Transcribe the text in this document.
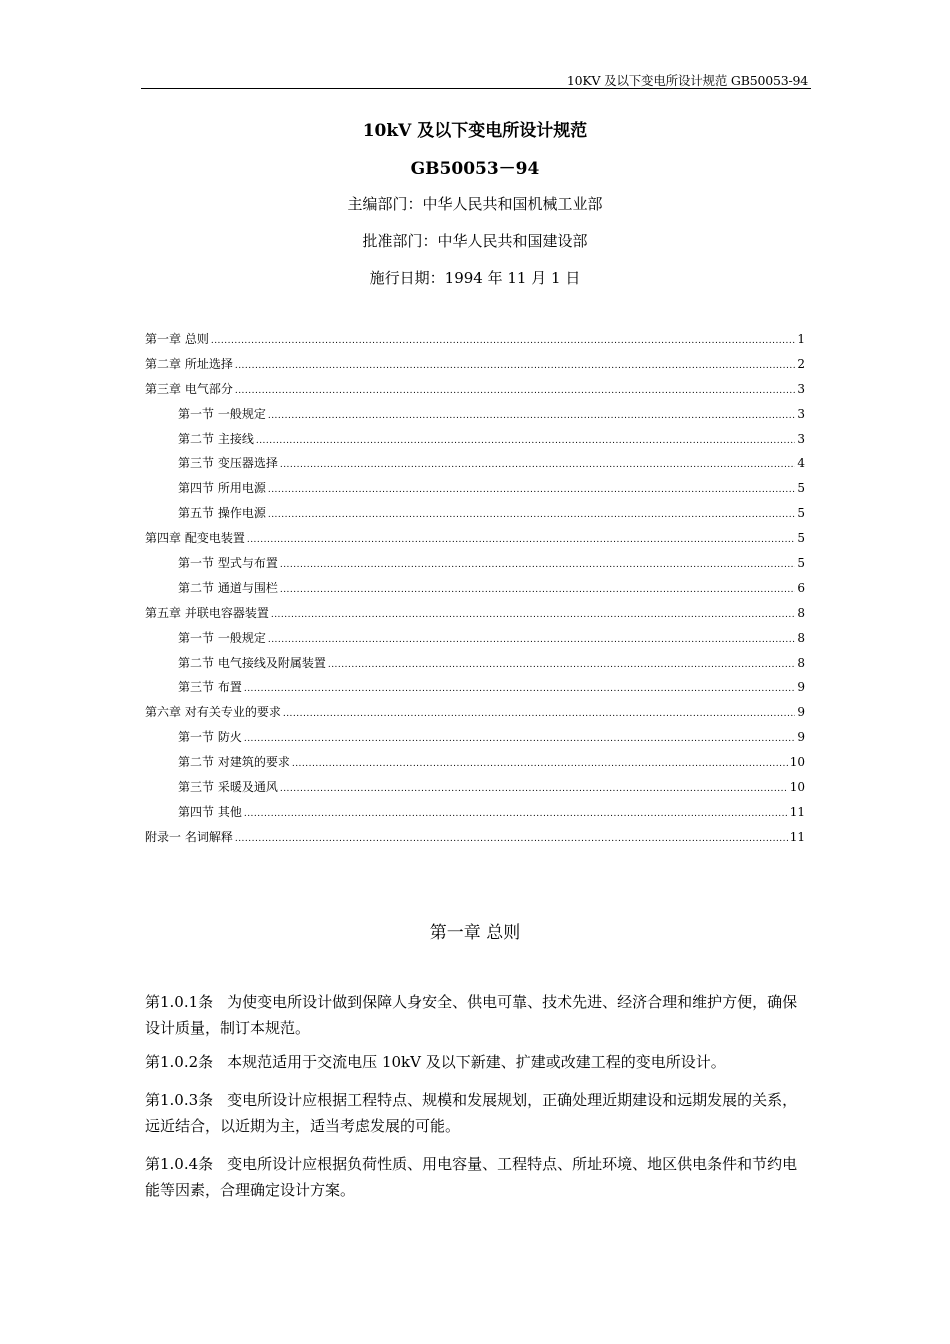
10KV 及以下变电所设计规范 GB50053-94
10kV 及以下变电所设计规范
GB50053－94
主编部门：中华人民共和国机械工业部
批准部门：中华人民共和国建设部
施行日期：1994 年 11 月 1 日
第一章 总则 .....	1
第二章 所址选择 .....	2
第三章 电气部分 .....	3
第一节 一般规定 .....	3
第二节 主接线 .....	3
第三节 变压器选择 .....	4
第四节 所用电源 .....	5
第五节 操作电源 .....	5
第四章 配变电装置 .....	5
第一节 型式与布置 .....	5
第二节 通道与围栏 .....	6
第五章 并联电容器装置 .....	8
第一节 一般规定 .....	8
第二节 电气接线及附属装置 .....	8
第三节 布置 .....	9
第六章 对有关专业的要求 .....	9
第一节 防火 .....	9
第二节 对建筑的要求 .....	10
第三节 采暖及通风 .....	10
第四节 其他 .....	11
附录一 名词解释 .....	11
第一章 总则
第1.0.1条 为使变电所设计做到保障人身安全、供电可靠、技术先进、经济合理和维护方便，确保设计质量，制订本规范。
第1.0.2条 本规范适用于交流电压 10kV 及以下新建、扩建或改建工程的变电所设计。
第1.0.3条 变电所设计应根据工程特点、规模和发展规划，正确处理近期建设和远期发展的关系，远近结合，以近期为主，适当考虑发展的可能。
第1.0.4条 变电所设计应根据负荷性质、用电容量、工程特点、所址环境、地区供电条件和节约电能等因素，合理确定设计方案。
